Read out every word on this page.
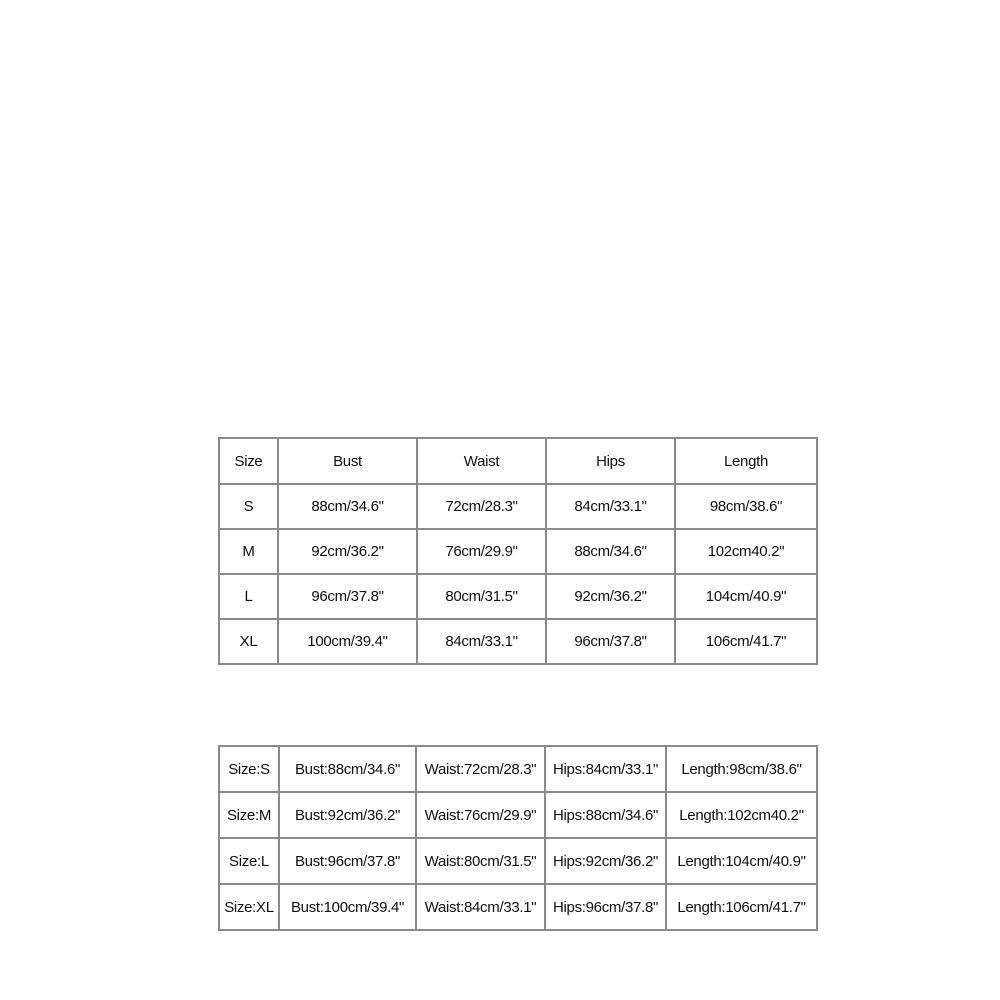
Size	Bust	Waist	Hips	Length
S	88cm/34.6"	72cm/28.3"	84cm/33.1"	98cm/38.6"
M	92cm/36.2"	76cm/29.9"	88cm/34.6"	102cm40.2"
L	96cm/37.8"	80cm/31.5"	92cm/36.2"	104cm/40.9"
XL	100cm/39.4"	84cm/33.1"	96cm/37.8"	106cm/41.7"
Size:S	Bust:88cm/34.6"	Waist:72cm/28.3"	Hips:84cm/33.1"	Length:98cm/38.6"
Size:M	Bust:92cm/36.2"	Waist:76cm/29.9"	Hips:88cm/34.6"	Length:102cm40.2"
Size:L	Bust:96cm/37.8"	Waist:80cm/31.5"	Hips:92cm/36.2"	Length:104cm/40.9"
Size:XL	Bust:100cm/39.4"	Waist:84cm/33.1"	Hips:96cm/37.8"	Length:106cm/41.7"
